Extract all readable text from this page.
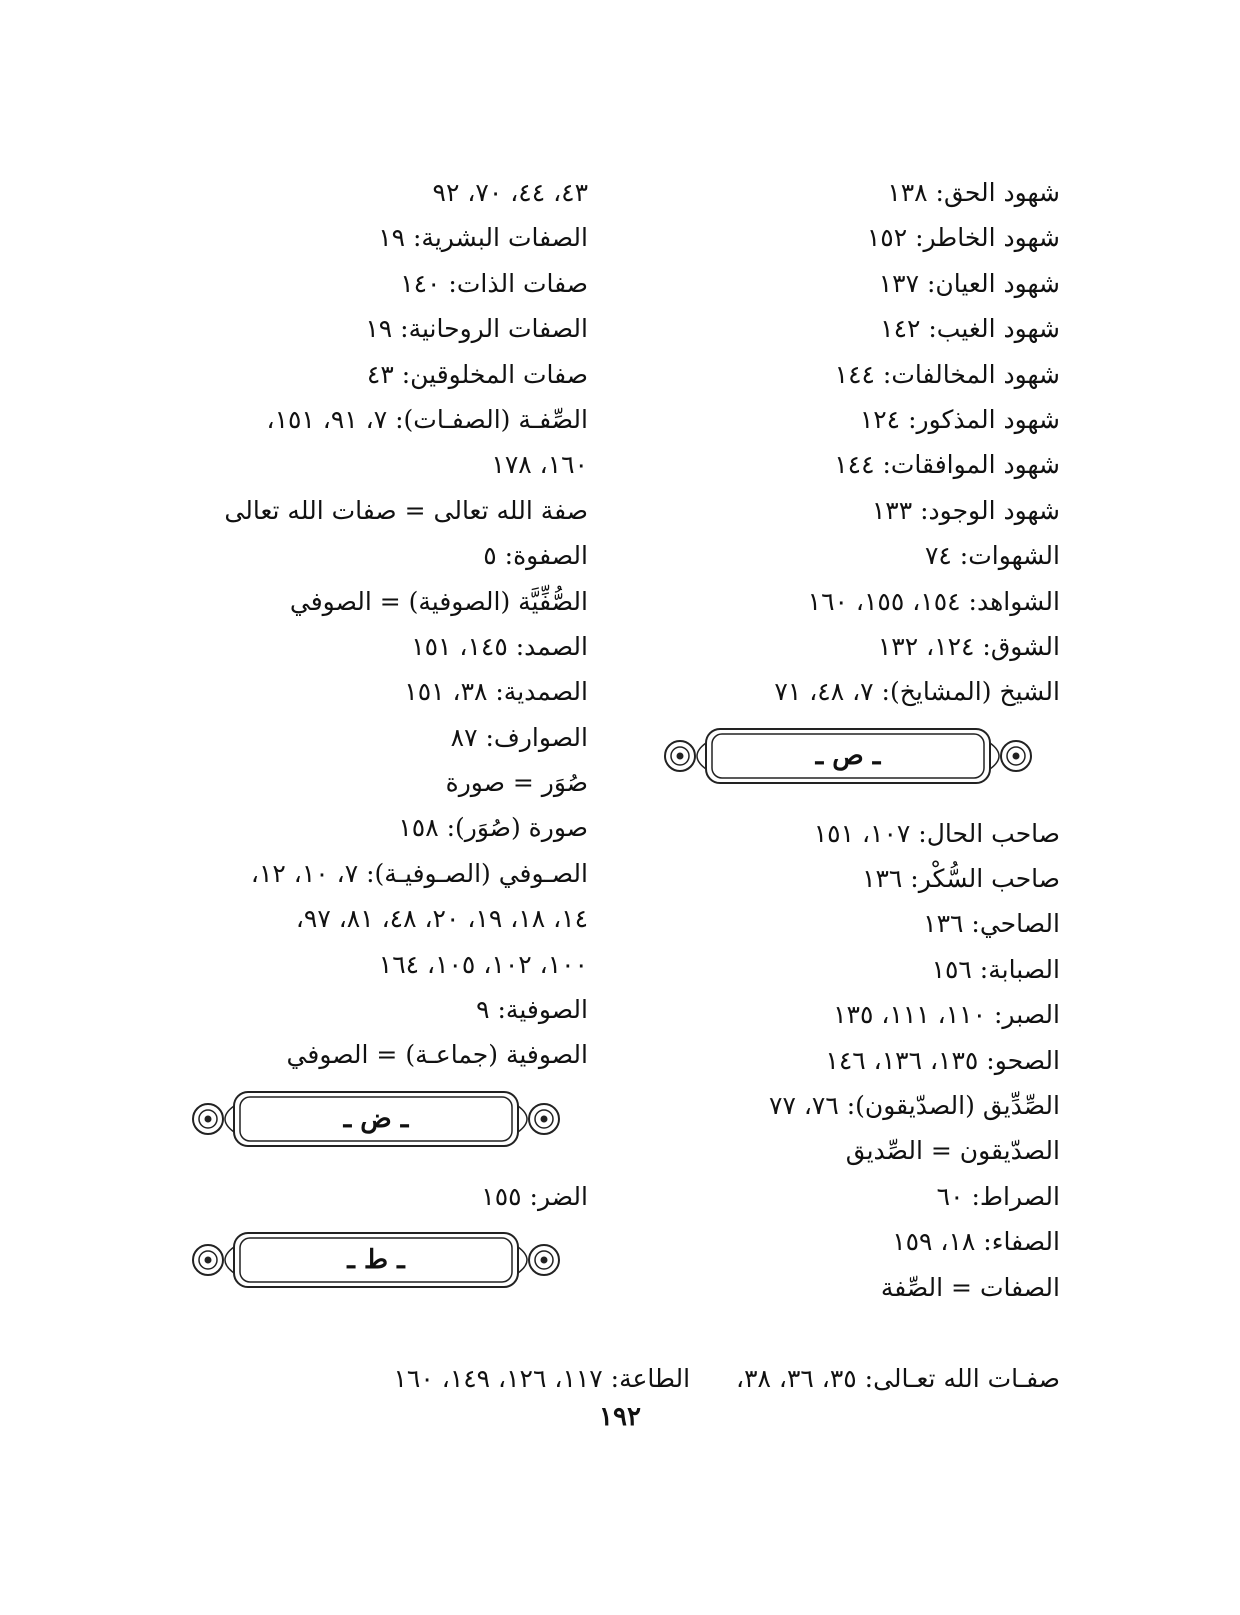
شهود الحق: ١٣٨
شهود الخاطر: ١٥٢
شهود العيان: ١٣٧
شهود الغيب: ١٤٢
شهود المخالفات: ١٤٤
شهود المذكور: ١٢٤
شهود الموافقات: ١٤٤
شهود الوجود: ١٣٣
الشهوات: ٧٤
الشواهد: ١٥٤، ١٥٥، ١٦٠
الشوق: ١٢٤، ١٣٢
الشيخ (المشايخ): ٧، ٤٨، ٧١
ـ ص ـ
صاحب الحال: ١٠٧، ١٥١
صاحب السُّكْر: ١٣٦
الصاحي: ١٣٦
الصبابة: ١٥٦
الصبر: ١١٠، ١١١، ١٣٥
الصحو: ١٣٥، ١٣٦، ١٤٦
الصِّدِّيق (الصدّيقون): ٧٦، ٧٧
الصدّيقون = الصِّديق
الصراط: ٦٠
الصفاء: ١٨، ١٥٩
الصفات = الصِّفة
٤٣، ٤٤، ٧٠، ٩٢
الصفات البشرية: ١٩
صفات الذات: ١٤٠
الصفات الروحانية: ١٩
صفات المخلوقين: ٤٣
الصِّفـة (الصفـات): ٧، ٩١، ١٥١،
١٦٠، ١٧٨
صفة الله تعالى = صفات الله تعالى
الصفوة: ٥
الصُّفِّيَّة (الصوفية) = الصوفي
الصمد: ١٤٥، ١٥١
الصمدية: ٣٨، ١٥١
الصوارف: ٨٧
صُوَر = صورة
صورة (صُوَر): ١٥٨
الصـوفي (الصـوفيـة): ٧، ١٠، ١٢،
١٤، ١٨، ١٩، ٢٠، ٤٨، ٨١، ٩٧،
١٠٠، ١٠٢، ١٠٥، ١٦٤
الصوفية: ٩
الصوفية (جماعـة) = الصوفي
ـ ض ـ
الضر: ١٥٥
ـ ط ـ
صفـات الله تعـالى: ٣٥، ٣٦، ٣٨،  الطاعة: ١١٧، ١٢٦، ١٤٩، ١٦٠
١٩٢
